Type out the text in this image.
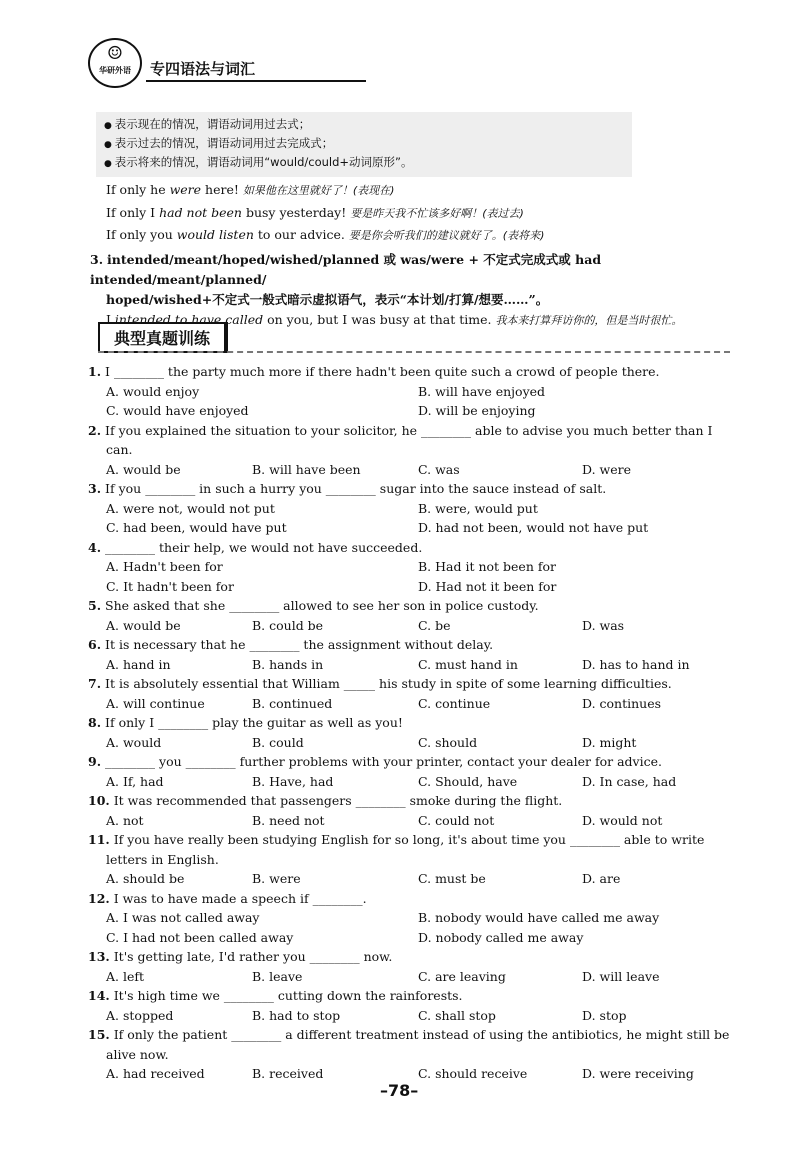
☺
华研外语	专四语法与词汇
● 表示现在的情况，谓语动词用过去式；
● 表示过去的情况，谓语动词用过去完成式；
● 表示将来的情况，谓语动词用“would/could+动词原形”。
If only he were here! 如果他在这里就好了！(表现在)
If only I had not been busy yesterday! 要是昨天我不忙该多好啊！(表过去)
If only you would listen to our advice. 要是你会听我们的建议就好了。(表将来)
3. intended/meant/hoped/wished/planned 或 was/were + 不定式完成式或 had intended/meant/planned/
hoped/wished+不定式一般式暗示虚拟语气，表示“本计划/打算/想要……”。
I intended to have called on you, but I was busy at that time. 我本来打算拜访你的，但是当时很忙。
典型真题训练
1. I ________ the party much more if there hadn't been quite such a crowd of people there.
A. would enjoy	B. will have enjoyed
C. would have enjoyed	D. will be enjoying
2. If you explained the situation to your solicitor, he ________ able to advise you much better than I can.
A. would be	B. will have been	C. was	D. were
3. If you ________ in such a hurry you ________ sugar into the sauce instead of salt.
A. were not, would not put	B. were, would put
C. had been, would have put	D. had not been, would not have put
4. ________ their help, we would not have succeeded.
A. Hadn't been for	B. Had it not been for
C. It hadn't been for	D. Had not it been for
5. She asked that she ________ allowed to see her son in police custody.
A. would be	B. could be	C. be	D. was
6. It is necessary that he ________ the assignment without delay.
A. hand in	B. hands in	C. must hand in	D. has to hand in
7. It is absolutely essential that William _____ his study in spite of some learning difficulties.
A. will continue	B. continued	C. continue	D. continues
8. If only I ________ play the guitar as well as you!
A. would	B. could	C. should	D. might
9. ________ you ________ further problems with your printer, contact your dealer for advice.
A. If, had	B. Have, had	C. Should, have	D. In case, had
10. It was recommended that passengers ________ smoke during the flight.
A. not	B. need not	C. could not	D. would not
11. If you have really been studying English for so long, it's about time you ________ able to write letters in English.
A. should be	B. were	C. must be	D. are
12. I was to have made a speech if ________.
A. I was not called away	B. nobody would have called me away
C. I had not been called away	D. nobody called me away
13. It's getting late, I'd rather you ________ now.
A. left	B. leave	C. are leaving	D. will leave
14. It's high time we ________ cutting down the rainforests.
A. stopped	B. had to stop	C. shall stop	D. stop
15. If only the patient ________ a different treatment instead of using the antibiotics, he might still be alive now.
A. had received	B. received	C. should receive	D. were receiving
–78–
